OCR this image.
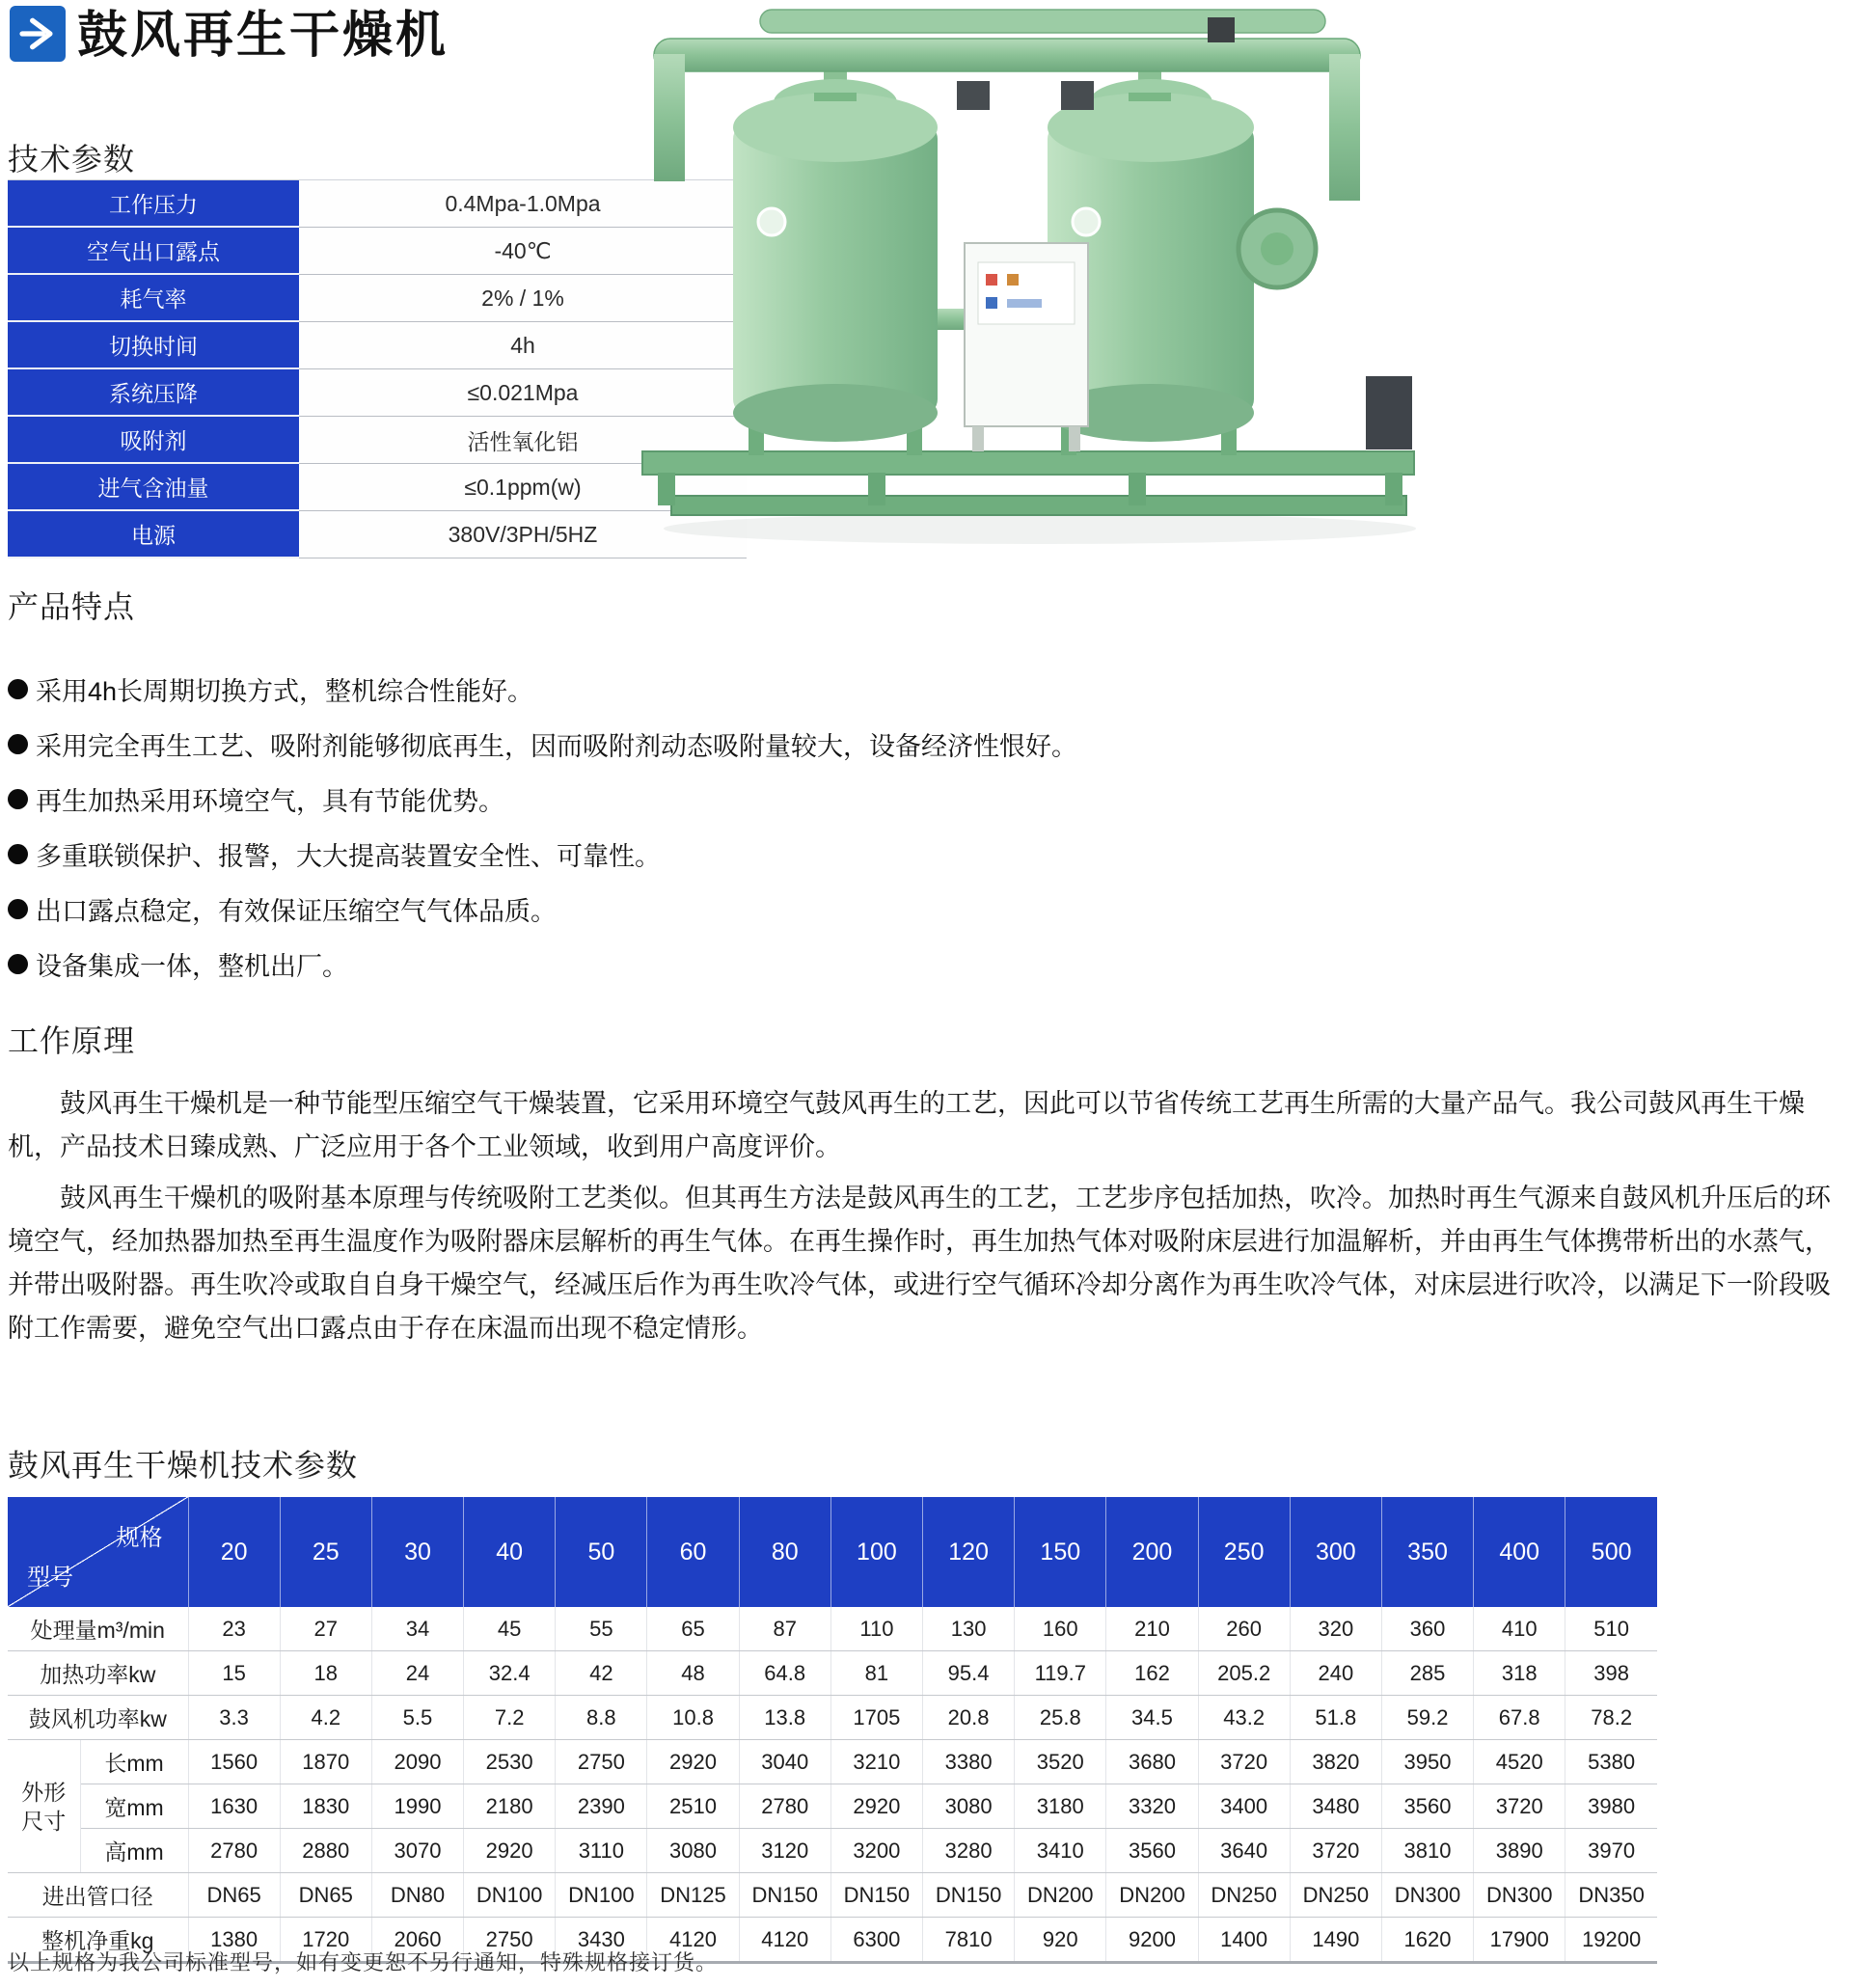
鼓风再生干燥机
技术参数
工作压力	0.4Mpa-1.0Mpa
空气出口露点	-40℃
耗气率	2% / 1%
切换时间	4h
系统压降	≤0.021Mpa
吸附剂	活性氧化铝
进气含油量	≤0.1ppm(w)
电源	380V/3PH/5HZ
产品特点
采用4h长周期切换方式，整机综合性能好。
采用完全再生工艺、吸附剂能够彻底再生，因而吸附剂动态吸附量较大，设备经济性恨好。
再生加热采用环境空气，具有节能优势。
多重联锁保护、报警，大大提高装置安全性、可靠性。
出口露点稳定，有效保证压缩空气气体品质。
设备集成一体，整机出厂。
工作原理

鼓风再生干燥机是一种节能型压缩空气干燥装置，它采用环境空气鼓风再生的工艺，因此可以节省传统工艺再生所需的大量产品气。我公司鼓风再生干燥机，产品技术日臻成熟、广泛应用于各个工业领域，收到用户高度评价。

鼓风再生干燥机的吸附基本原理与传统吸附工艺类似。但其再生方法是鼓风再生的工艺，工艺步序包括加热，吹冷。加热时再生气源来自鼓风机升压后的环境空气，经加热器加热至再生温度作为吸附器床层解析的再生气体。在再生操作时，再生加热气体对吸附床层进行加温解析，并由再生气体携带析出的水蒸气，并带出吸附器。再生吹冷或取自自身干燥空气，经减压后作为再生吹冷气体，或进行空气循环冷却分离作为再生吹冷气体，对床层进行吹冷，以满足下一阶段吸附工作需要，避免空气出口露点由于存在床温而出现不稳定情形。

鼓风再生干燥机技术参数
规格
型号		20	25	30	40	50	60	80	100	120	150	200	250	300	350	400	500
处理量m³/min		23	27	34	45	55	65	87	110	130	160	210	260	320	360	410	510
加热功率kw		15	18	24	32.4	42	48	64.8	81	95.4	119.7	162	205.2	240	285	318	398
鼓风机功率kw		3.3	4.2	5.5	7.2	8.8	10.8	13.8	1705	20.8	25.8	34.5	43.2	51.8	59.2	67.8	78.2
外形尺寸	长mm	1560	1870	2090	2530	2750	2920	3040	3210	3380	3520	3680	3720	3820	3950	4520	5380
	宽mm	1630	1830	1990	2180	2390	2510	2780	2920	3080	3180	3320	3400	3480	3560	3720	3980
	高mm	2780	2880	3070	2920	3110	3080	3120	3200	3280	3410	3560	3640	3720	3810	3890	3970
进出管口径		DN65	DN65	DN80	DN100	DN100	DN125	DN150	DN150	DN150	DN200	DN200	DN250	DN250	DN300	DN300	DN350
整机净重kg		1380	1720	2060	2750	3430	4120	4120	6300	7810	920	9200	1400	1490	1620	17900	19200

以上规格为我公司标准型号，如有变更恕不另行通知，特殊规格接订货。
